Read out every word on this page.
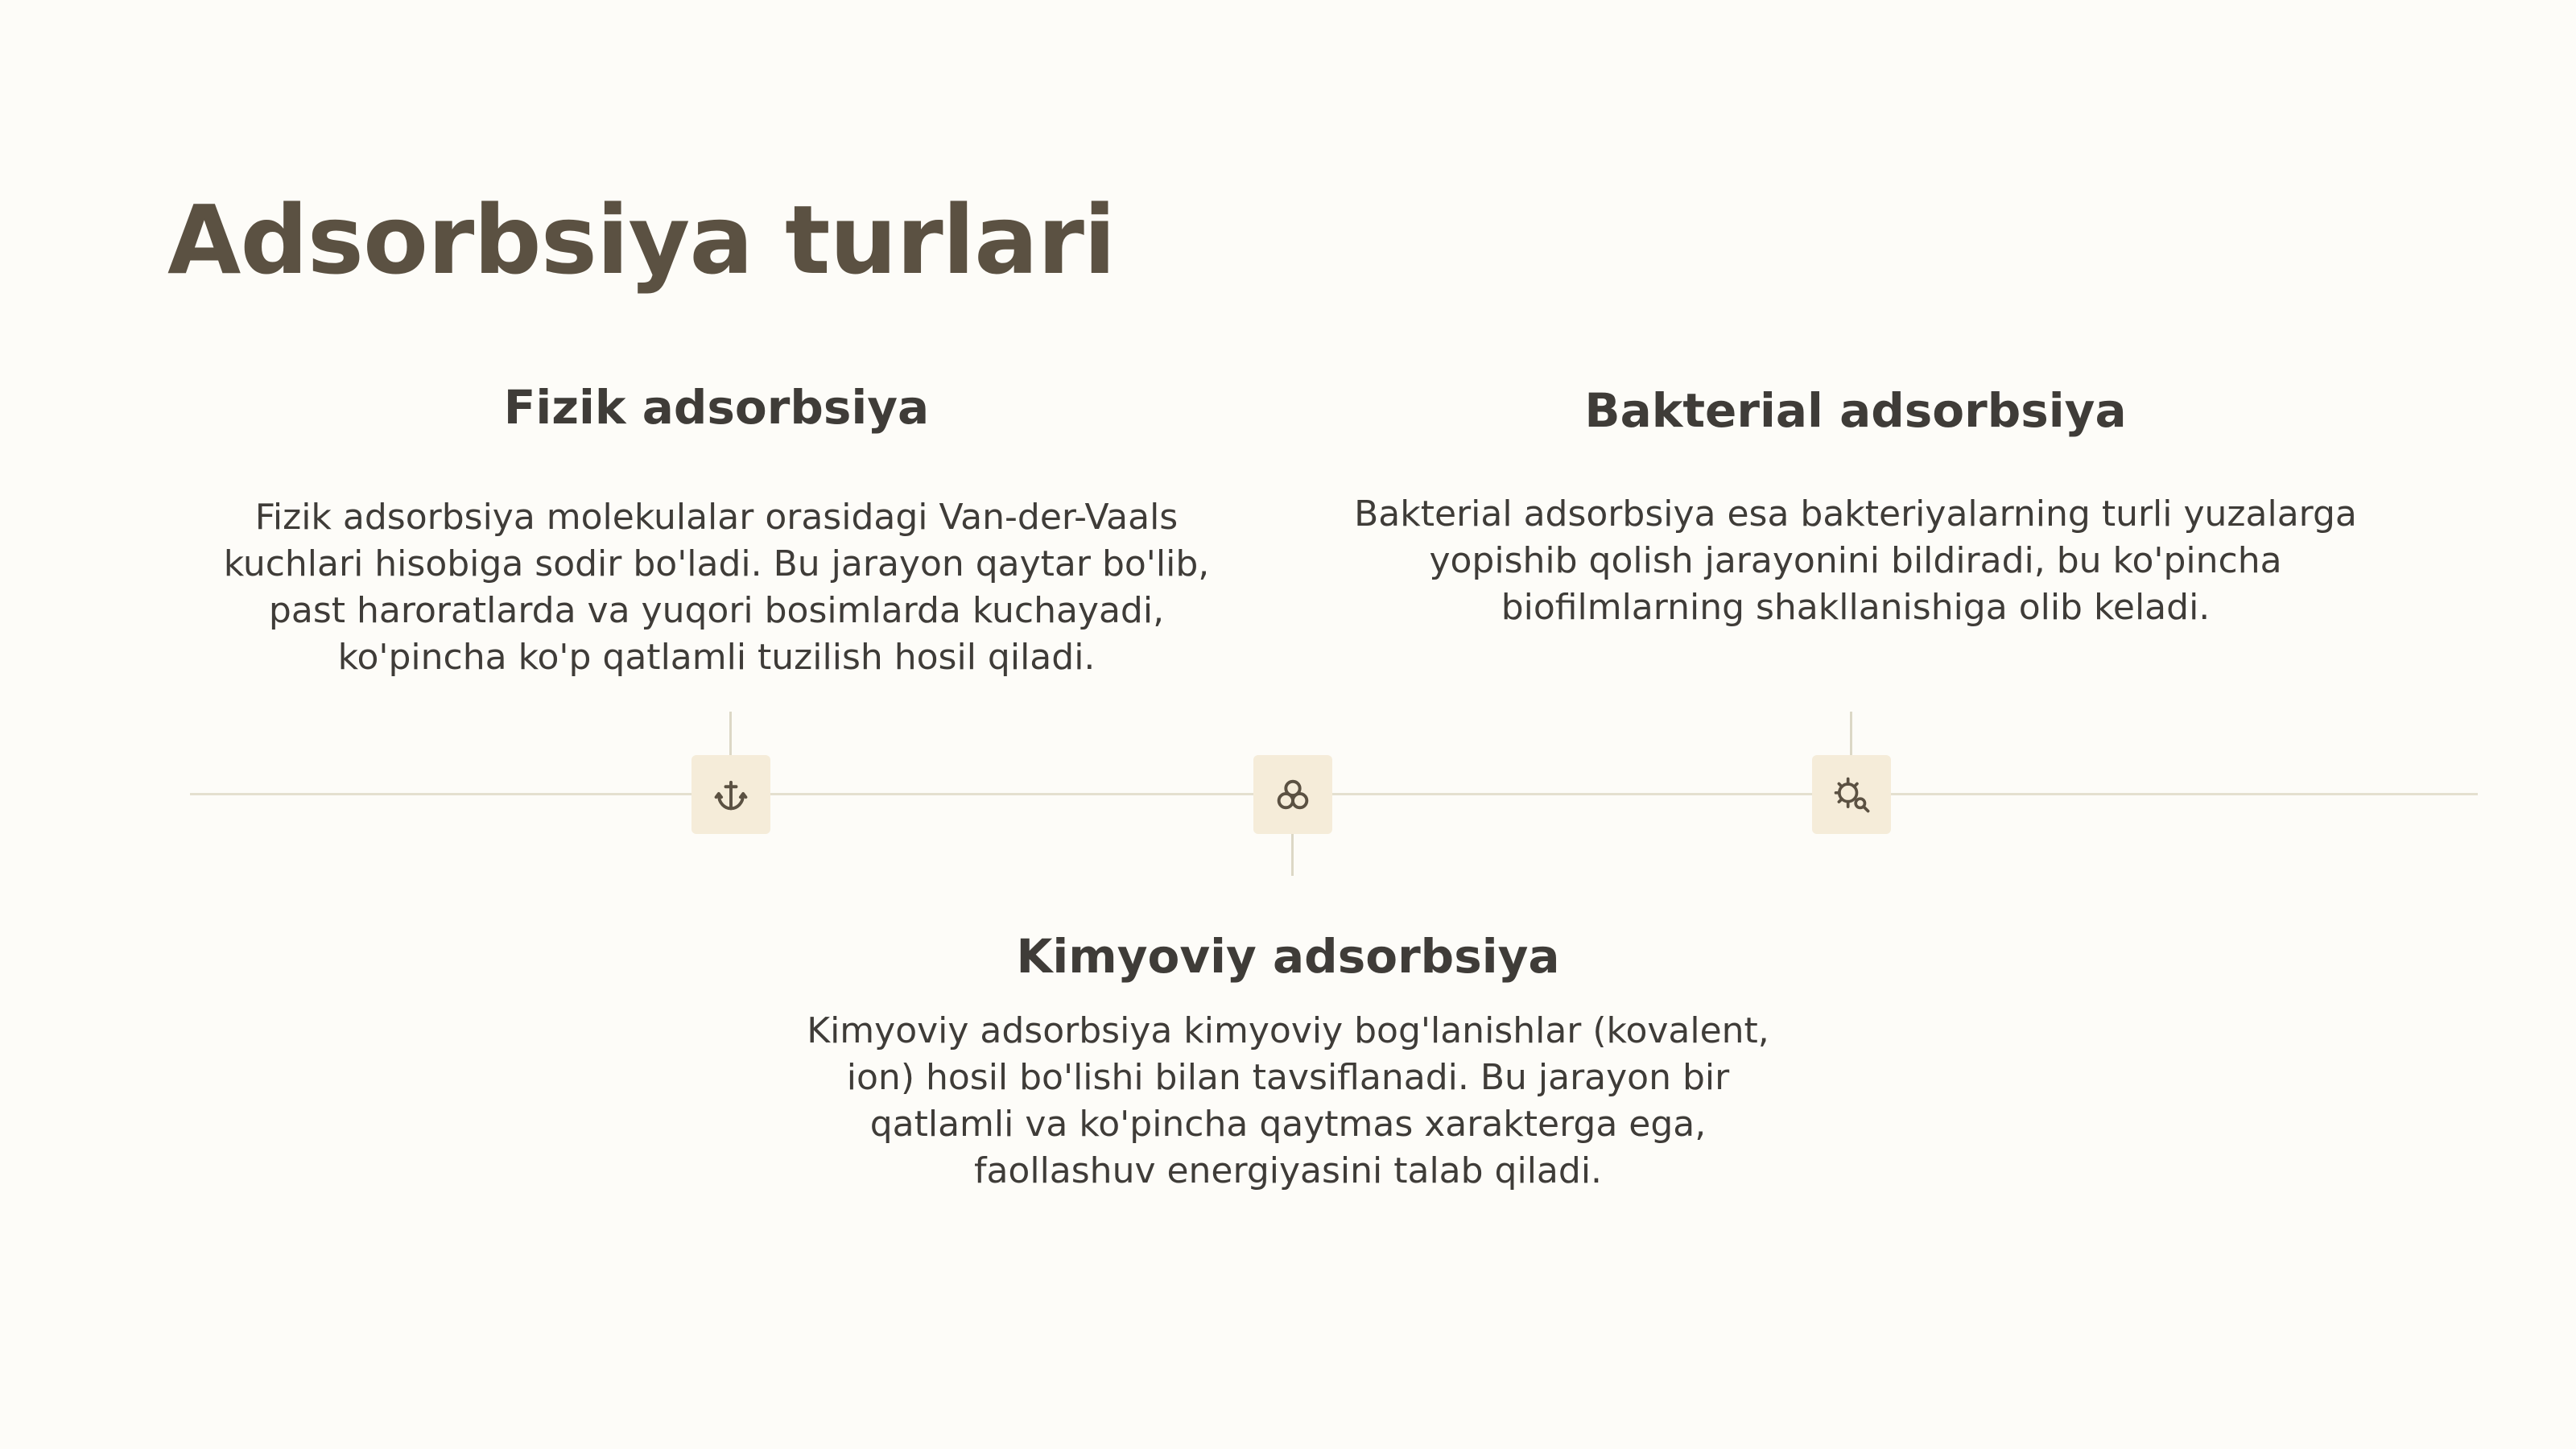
Adsorbsiya turlari
Fizik adsorbsiya

Fizik adsorbsiya molekulalar orasidagi Van-der-Vaals kuchlari hisobiga sodir bo'ladi. Bu jarayon qaytar bo'lib, past haroratlarda va yuqori bosimlarda kuchayadi, ko'pincha ko'p qatlamli tuzilish hosil qiladi.

Bakterial adsorbsiya

Bakterial adsorbsiya esa bakteriyalarning turli yuzalarga yopishib qolish jarayonini bildiradi, bu ko'pincha biofilmlarning shakllanishiga olib keladi.

Kimyoviy adsorbsiya

Kimyoviy adsorbsiya kimyoviy bog'lanishlar (kovalent, ion) hosil bo'lishi bilan tavsiflanadi. Bu jarayon bir qatlamli va ko'pincha qaytmas xarakterga ega, faollashuv energiyasini talab qiladi.
